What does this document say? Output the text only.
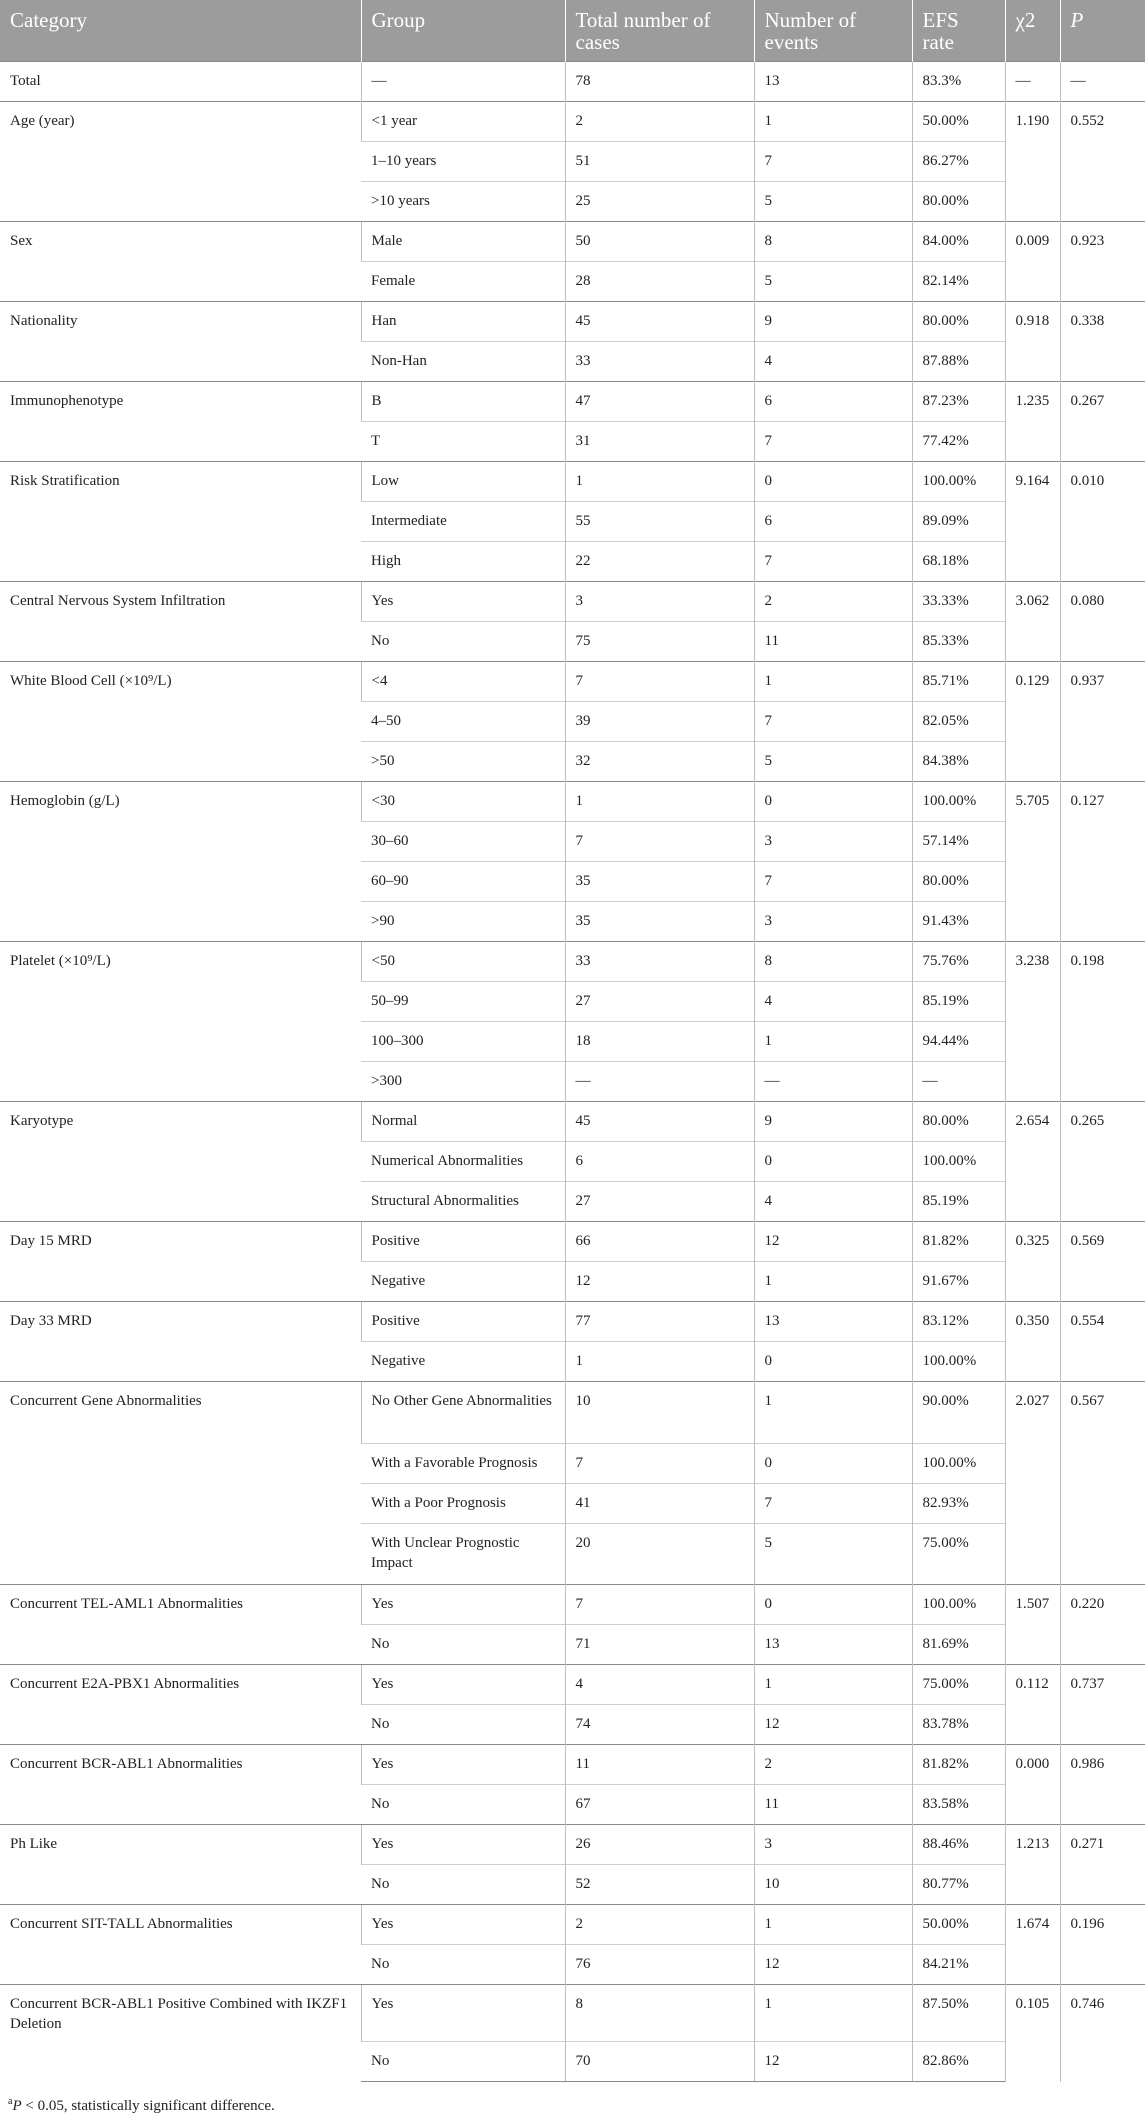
Category	Group	Total number of cases	Number of events	EFS rate	χ2	P
Total	—	78	13	83.3%	—	—
Age (year)	<1 year	2	1	50.00%	1.190	0.552
	1–10 years	51	7	86.27%		
	>10 years	25	5	80.00%		
Sex	Male	50	8	84.00%	0.009	0.923
	Female	28	5	82.14%		
Nationality	Han	45	9	80.00%	0.918	0.338
	Non-Han	33	4	87.88%		
Immunophenotype	B	47	6	87.23%	1.235	0.267
	T	31	7	77.42%		
Risk Stratification	Low	1	0	100.00%	9.164	0.010
	Intermediate	55	6	89.09%		
	High	22	7	68.18%		
Central Nervous System Infiltration	Yes	3	2	33.33%	3.062	0.080
	No	75	11	85.33%		
White Blood Cell (×10⁹/L)	<4	7	1	85.71%	0.129	0.937
	4–50	39	7	82.05%		
	>50	32	5	84.38%		
Hemoglobin (g/L)	<30	1	0	100.00%	5.705	0.127
	30–60	7	3	57.14%		
	60–90	35	7	80.00%		
	>90	35	3	91.43%		
Platelet (×10⁹/L)	<50	33	8	75.76%	3.238	0.198
	50–99	27	4	85.19%		
	100–300	18	1	94.44%		
	>300	—	—	—		
Karyotype	Normal	45	9	80.00%	2.654	0.265
	Numerical Abnormalities	6	0	100.00%		
	Structural Abnormalities	27	4	85.19%		
Day 15 MRD	Positive	66	12	81.82%	0.325	0.569
	Negative	12	1	91.67%		
Day 33 MRD	Positive	77	13	83.12%	0.350	0.554
	Negative	1	0	100.00%		
Concurrent Gene Abnormalities	No Other Gene Abnormalities	10	1	90.00%	2.027	0.567
	With a Favorable Prognosis	7	0	100.00%		
	With a Poor Prognosis	41	7	82.93%		
	With Unclear Prognostic Impact	20	5	75.00%		
Concurrent TEL-AML1 Abnormalities	Yes	7	0	100.00%	1.507	0.220
	No	71	13	81.69%		
Concurrent E2A-PBX1 Abnormalities	Yes	4	1	75.00%	0.112	0.737
	No	74	12	83.78%		
Concurrent BCR-ABL1 Abnormalities	Yes	11	2	81.82%	0.000	0.986
	No	67	11	83.58%		
Ph Like	Yes	26	3	88.46%	1.213	0.271
	No	52	10	80.77%		
Concurrent SIT-TALL Abnormalities	Yes	2	1	50.00%	1.674	0.196
	No	76	12	84.21%		
Concurrent BCR-ABL1 Positive Combined with IKZF1 Deletion	Yes	8	1	87.50%	0.105	0.746
	No	70	12	82.86%		
$^a$P < 0.05, statistically significant difference.
